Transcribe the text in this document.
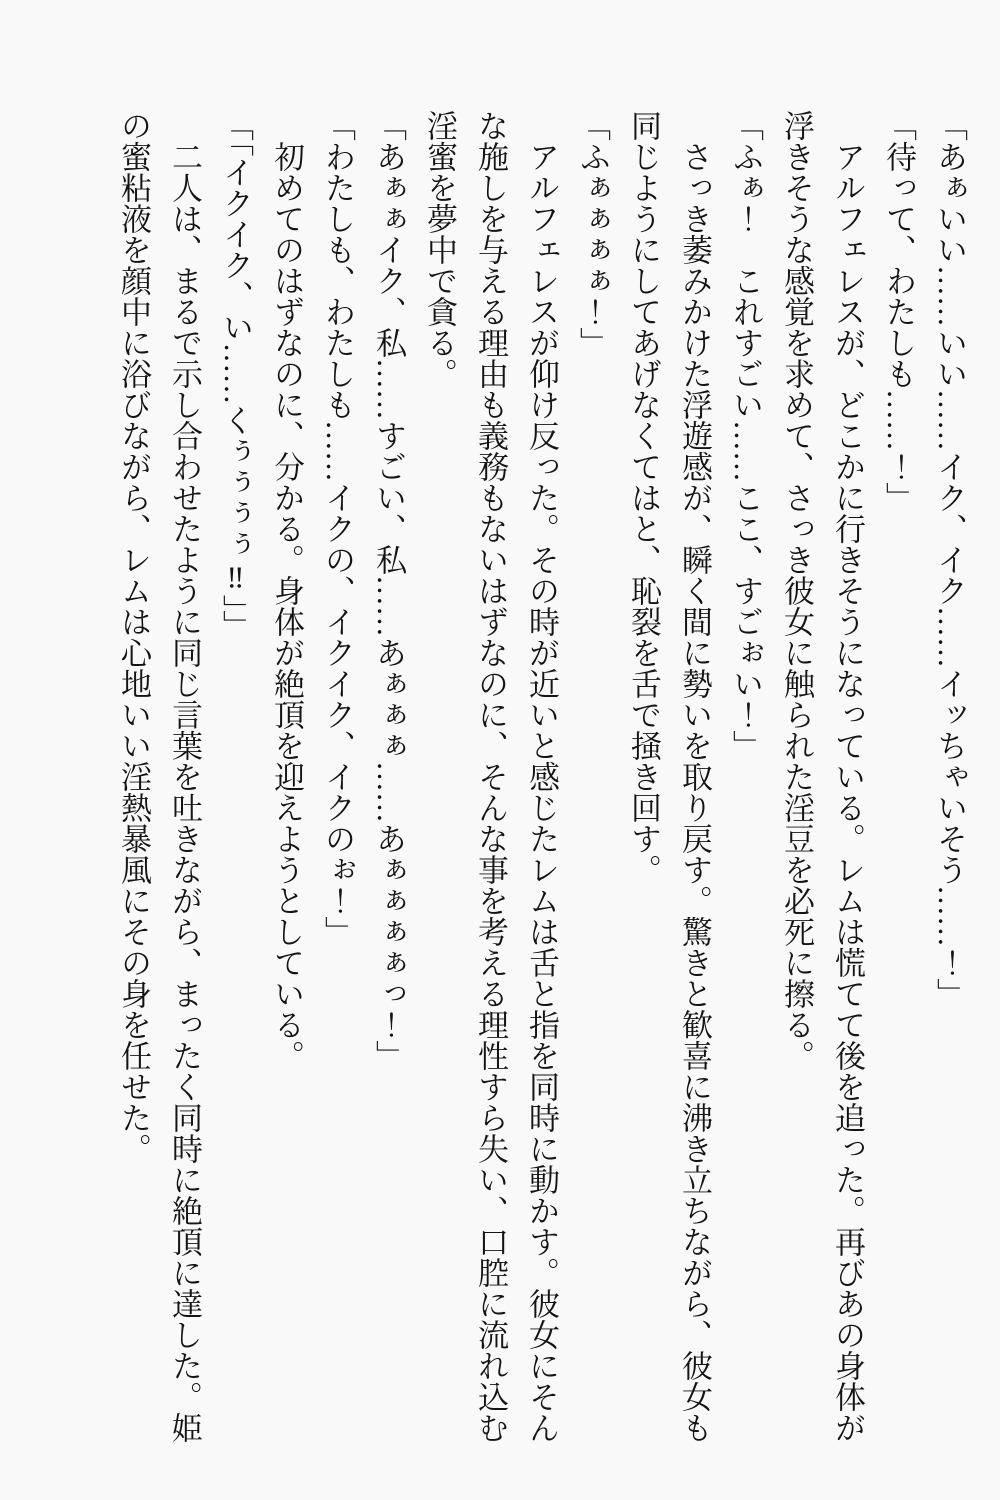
「あぁいい……いい……イク、イク……イッちゃいそう……！」

「待って、わたしも……！」

　アルフェレスが、どこかに行きそうになっている。レムは慌てて後を追った。再びあの身体が浮きそうな感覚を求めて、さっき彼女に触られた淫豆を必死に擦る。

「ふぁ！　これすごい……ここ、すごぉい！」

　さっき萎みかけた浮遊感が、瞬く間に勢いを取り戻す。驚きと歓喜に沸き立ちながら、彼女も同じようにしてあげなくてはと、恥裂を舌で掻き回す。

「ふぁぁぁぁ！」

　アルフェレスが仰け反った。その時が近いと感じたレムは舌と指を同時に動かす。彼女にそんな施しを与える理由も義務もないはずなのに、そんな事を考える理性すら失い、口腔に流れ込む淫蜜を夢中で貪る。

「あぁぁイク、私……すごい、私……あぁぁぁ……あぁぁぁぁっ！」

「わたしも、わたしも……イクの、イクイク、イクのぉ！」

　初めてのはずなのに、分かる。身体が絶頂を迎えようとしている。

「「イクイク、い……くぅぅぅぅ‼」」

　二人は、まるで示し合わせたように同じ言葉を吐きながら、まったく同時に絶頂に達した。姫の蜜粘液を顔中に浴びながら、レムは心地いい淫熱暴風にその身を任せた。
